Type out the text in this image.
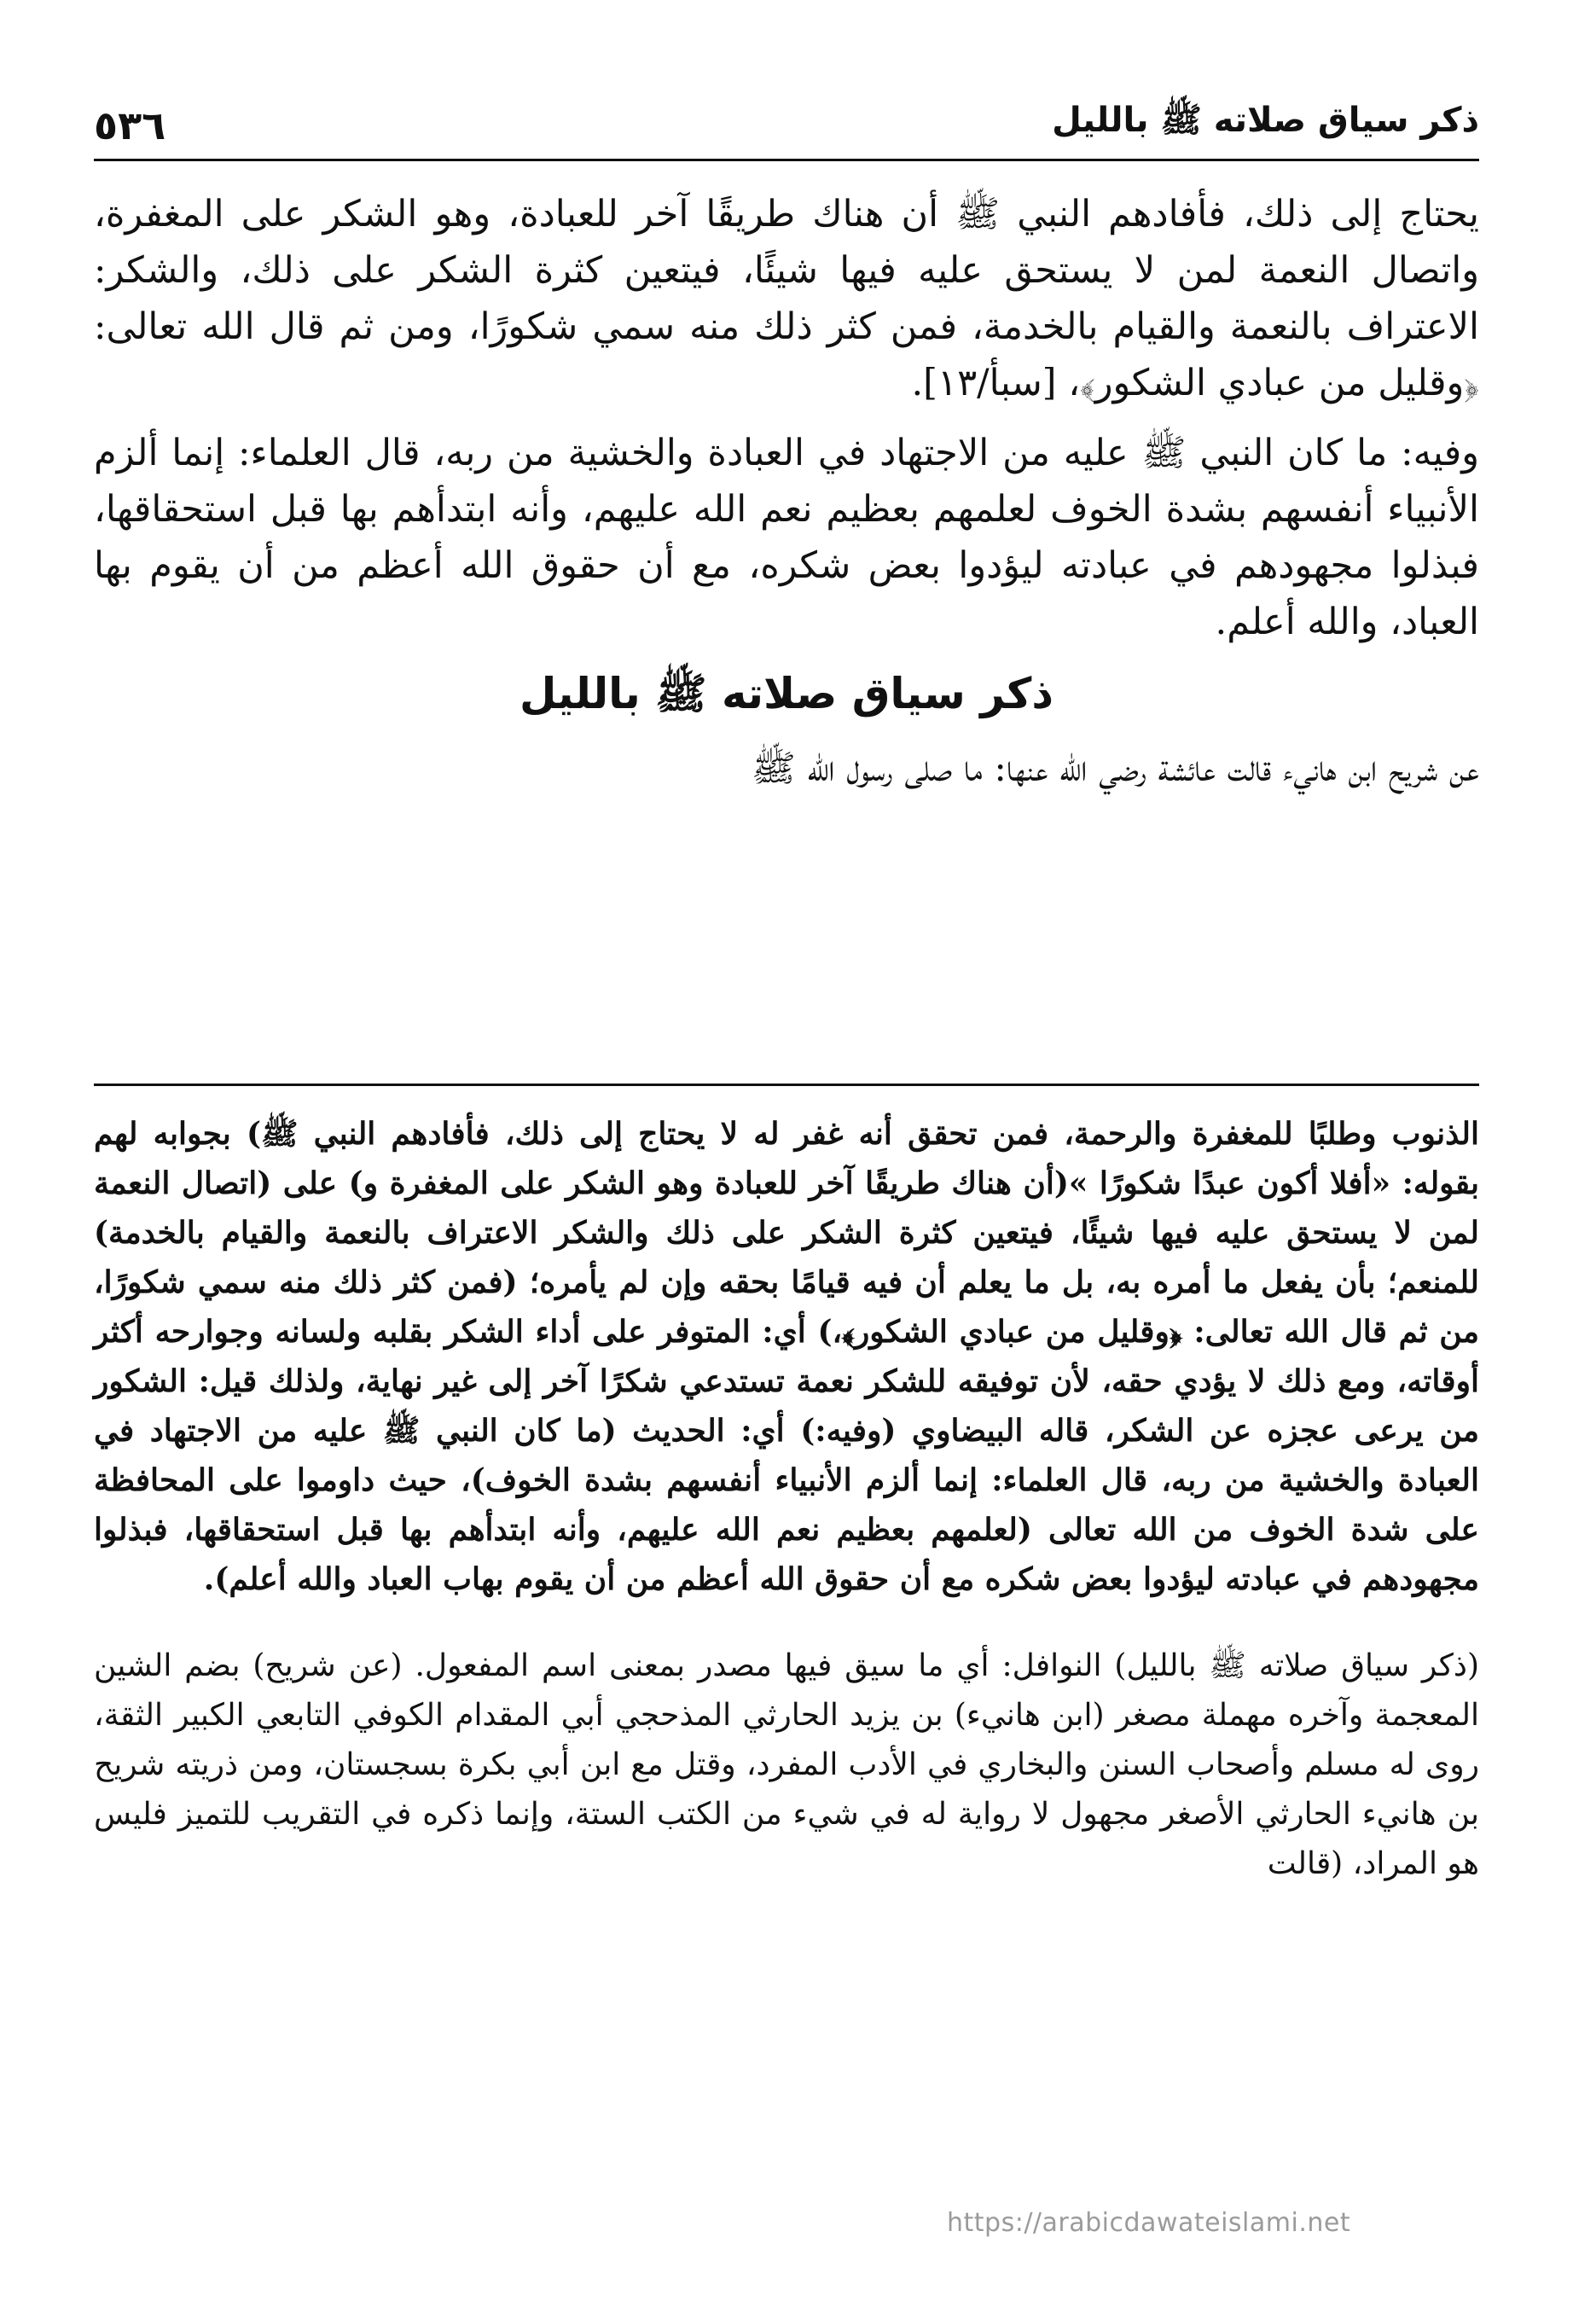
ذكر سياق صلاته ﷺ بالليل
٥٣٦

يحتاج إلى ذلك، فأفادهم النبي ﷺ أن هناك طريقًا آخر للعبادة، وهو الشكر على المغفرة، واتصال النعمة لمن لا يستحق عليه فيها شيئًا، فيتعين كثرة الشكر على ذلك، والشكر: الاعتراف بالنعمة والقيام بالخدمة، فمن كثر ذلك منه سمي شكورًا، ومن ثم قال الله تعالى: ﴿وقليل من عبادي الشكور﴾، [سبأ/١٣].

وفيه: ما كان النبي ﷺ عليه من الاجتهاد في العبادة والخشية من ربه، قال العلماء: إنما ألزم الأنبياء أنفسهم بشدة الخوف لعلمهم بعظيم نعم الله عليهم، وأنه ابتدأهم بها قبل استحقاقها، فبذلوا مجهودهم في عبادته ليؤدوا بعض شكره، مع أن حقوق الله أعظم من أن يقوم بها العباد، والله أعلم.

ذكر سياق صلاته ﷺ بالليل

عن شريح ابن هانيء قالت عائشة رضي الله عنها: ما صلى رسول الله ﷺ

الذنوب وطلبًا للمغفرة والرحمة، فمن تحقق أنه غفر له لا يحتاج إلى ذلك، فأفادهم النبي ﷺ) بجوابه لهم بقوله: «أفلا أكون عبدًا شكورًا »(أن هناك طريقًا آخر للعبادة وهو الشكر على المغفرة و) على (اتصال النعمة لمن لا يستحق عليه فيها شيئًا، فيتعين كثرة الشكر على ذلك والشكر الاعتراف بالنعمة والقيام بالخدمة) للمنعم؛ بأن يفعل ما أمره به، بل ما يعلم أن فيه قيامًا بحقه وإن لم يأمره؛ (فمن كثر ذلك منه سمي شكورًا، من ثم قال الله تعالى: ﴿وقليل من عبادي الشكور﴾،) أي: المتوفر على أداء الشكر بقلبه ولسانه وجوارحه أكثر أوقاته، ومع ذلك لا يؤدي حقه، لأن توفيقه للشكر نعمة تستدعي شكرًا آخر إلى غير نهاية، ولذلك قيل: الشكور من يرعى عجزه عن الشكر، قاله البيضاوي (وفيه:) أي: الحديث (ما كان النبي ﷺ عليه من الاجتهاد في العبادة والخشية من ربه، قال العلماء: إنما ألزم الأنبياء أنفسهم بشدة الخوف)، حيث داوموا على المحافظة على شدة الخوف من الله تعالى (لعلمهم بعظيم نعم الله عليهم، وأنه ابتدأهم بها قبل استحقاقها، فبذلوا مجهودهم في عبادته ليؤدوا بعض شكره مع أن حقوق الله أعظم من أن يقوم بهاب العباد والله أعلم).

(ذكر سياق صلاته ﷺ بالليل) النوافل: أي ما سيق فيها مصدر بمعنى اسم المفعول. (عن شريح) بضم الشين المعجمة وآخره مهملة مصغر (ابن هانيء) بن يزيد الحارثي المذحجي أبي المقدام الكوفي التابعي الكبير الثقة، روى له مسلم وأصحاب السنن والبخاري في الأدب المفرد، وقتل مع ابن أبي بكرة بسجستان، ومن ذريته شريح بن هانيء الحارثي الأصغر مجهول لا رواية له في شيء من الكتب الستة، وإنما ذكره في التقريب للتميز فليس هو المراد، (قالت

https://arabicdawateislami.net
